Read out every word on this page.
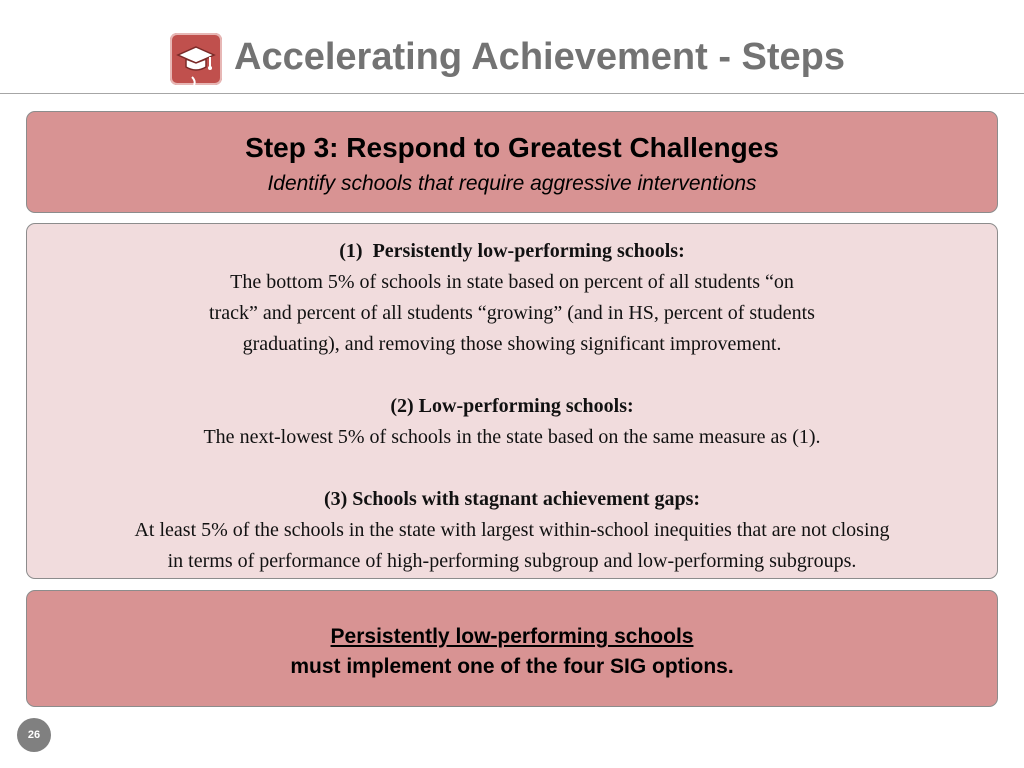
Accelerating Achievement - Steps
Step 3: Respond to Greatest Challenges
Identify schools that require aggressive interventions
(1) Persistently low-performing schools:
The bottom 5% of schools in state based on percent of all students “on
track” and percent of all students “growing” (and in HS, percent of students
graduating), and removing those showing significant improvement.
(2) Low-performing schools:
The next-lowest 5% of schools in the state based on the same measure as (1).
(3) Schools with stagnant achievement gaps:
At least 5% of the schools in the state with largest within-school inequities that are not closing
in terms of performance of high-performing subgroup and low-performing subgroups.
Persistently low-performing schools
must implement one of the four SIG options.
26
